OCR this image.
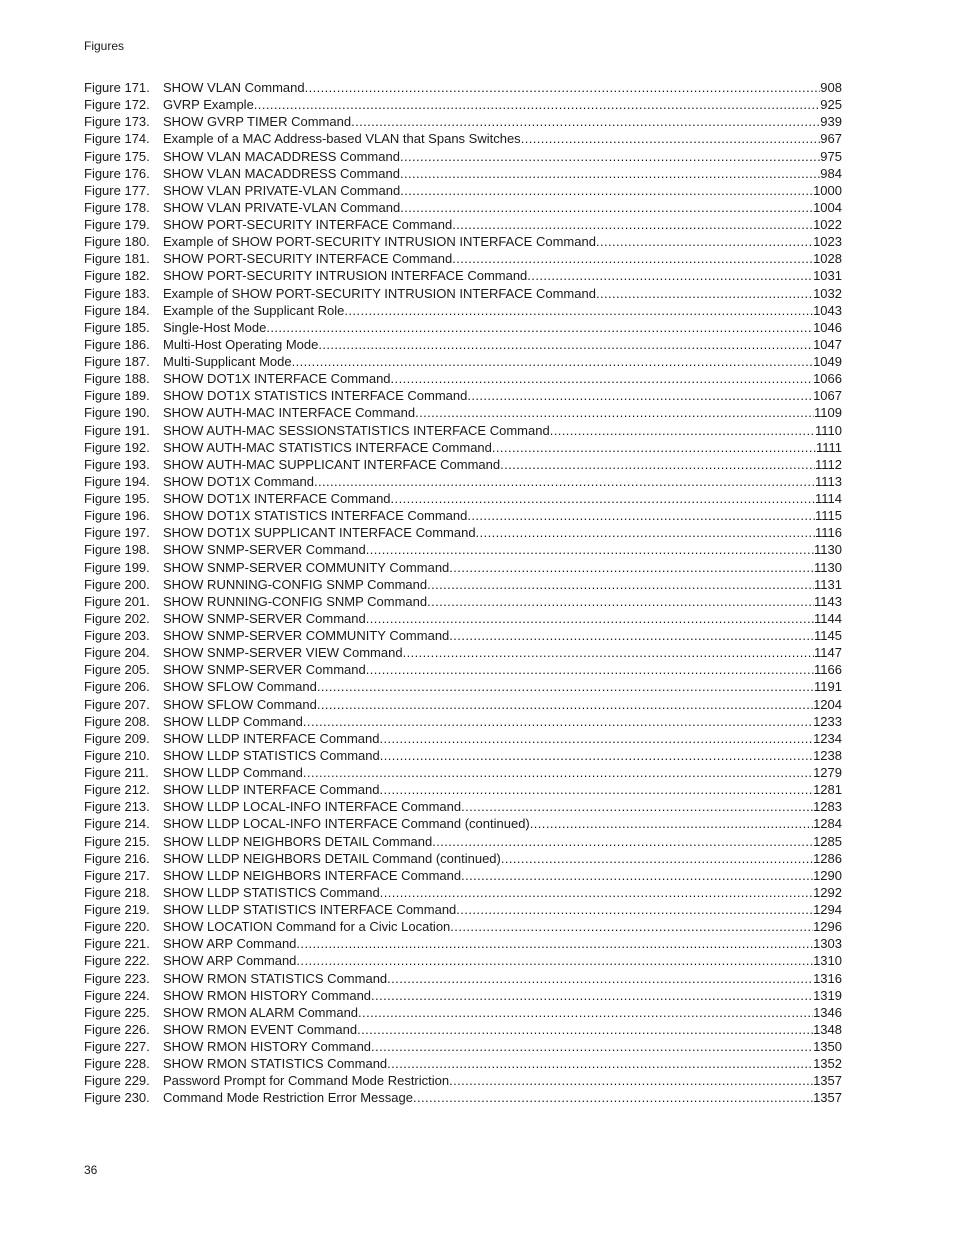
Figures
Figure 171.	SHOW VLAN Command .....	908
Figure 172.	GVRP Example .....	925
Figure 173.	SHOW GVRP TIMER Command .....	939
Figure 174.	Example of a MAC Address-based VLAN that Spans Switches .....	967
Figure 175.	SHOW VLAN MACADDRESS Command .....	975
Figure 176.	SHOW VLAN MACADDRESS Command .....	984
Figure 177.	SHOW VLAN PRIVATE-VLAN Command .....	1000
Figure 178.	SHOW VLAN PRIVATE-VLAN Command .....	1004
Figure 179.	SHOW PORT-SECURITY INTERFACE Command .....	1022
Figure 180.	Example of SHOW PORT-SECURITY INTRUSION INTERFACE Command .....	1023
Figure 181.	SHOW PORT-SECURITY INTERFACE Command .....	1028
Figure 182.	SHOW PORT-SECURITY INTRUSION INTERFACE Command .....	1031
Figure 183.	Example of SHOW PORT-SECURITY INTRUSION INTERFACE Command .....	1032
Figure 184.	Example of the Supplicant Role .....	1043
Figure 185.	Single-Host Mode .....	1046
Figure 186.	Multi-Host Operating Mode .....	1047
Figure 187.	Multi-Supplicant Mode .....	1049
Figure 188.	SHOW DOT1X INTERFACE Command .....	1066
Figure 189.	SHOW DOT1X STATISTICS INTERFACE Command .....	1067
Figure 190.	SHOW AUTH-MAC INTERFACE Command .....	1109
Figure 191.	SHOW AUTH-MAC SESSIONSTATISTICS INTERFACE Command .....	1110
Figure 192.	SHOW AUTH-MAC STATISTICS INTERFACE Command .....	1111
Figure 193.	SHOW AUTH-MAC SUPPLICANT INTERFACE Command .....	1112
Figure 194.	SHOW DOT1X Command .....	1113
Figure 195.	SHOW DOT1X INTERFACE Command .....	1114
Figure 196.	SHOW DOT1X STATISTICS INTERFACE Command .....	1115
Figure 197.	SHOW DOT1X SUPPLICANT INTERFACE Command .....	1116
Figure 198.	SHOW SNMP-SERVER Command .....	1130
Figure 199.	SHOW SNMP-SERVER COMMUNITY Command .....	1130
Figure 200.	SHOW RUNNING-CONFIG SNMP Command .....	1131
Figure 201.	SHOW RUNNING-CONFIG SNMP Command .....	1143
Figure 202.	SHOW SNMP-SERVER Command .....	1144
Figure 203.	SHOW SNMP-SERVER COMMUNITY Command .....	1145
Figure 204.	SHOW SNMP-SERVER VIEW Command .....	1147
Figure 205.	SHOW SNMP-SERVER Command .....	1166
Figure 206.	SHOW SFLOW Command .....	1191
Figure 207.	SHOW SFLOW Command .....	1204
Figure 208.	SHOW LLDP Command .....	1233
Figure 209.	SHOW LLDP INTERFACE Command .....	1234
Figure 210.	SHOW LLDP STATISTICS Command .....	1238
Figure 211.	SHOW LLDP Command .....	1279
Figure 212.	SHOW LLDP INTERFACE Command .....	1281
Figure 213.	SHOW LLDP LOCAL-INFO INTERFACE Command .....	1283
Figure 214.	SHOW LLDP LOCAL-INFO INTERFACE Command (continued) .....	1284
Figure 215.	SHOW LLDP NEIGHBORS DETAIL Command .....	1285
Figure 216.	SHOW LLDP NEIGHBORS DETAIL Command (continued) .....	1286
Figure 217.	SHOW LLDP NEIGHBORS INTERFACE Command .....	1290
Figure 218.	SHOW LLDP STATISTICS Command .....	1292
Figure 219.	SHOW LLDP STATISTICS INTERFACE Command .....	1294
Figure 220.	SHOW LOCATION Command for a Civic Location .....	1296
Figure 221.	SHOW ARP Command .....	1303
Figure 222.	SHOW ARP Command .....	1310
Figure 223.	SHOW RMON STATISTICS Command .....	1316
Figure 224.	SHOW RMON HISTORY Command .....	1319
Figure 225.	SHOW RMON ALARM Command .....	1346
Figure 226.	SHOW RMON EVENT Command .....	1348
Figure 227.	SHOW RMON HISTORY Command .....	1350
Figure 228.	SHOW RMON STATISTICS Command .....	1352
Figure 229.	Password Prompt for Command Mode Restriction .....	1357
Figure 230.	Command Mode Restriction Error Message .....	1357
36
